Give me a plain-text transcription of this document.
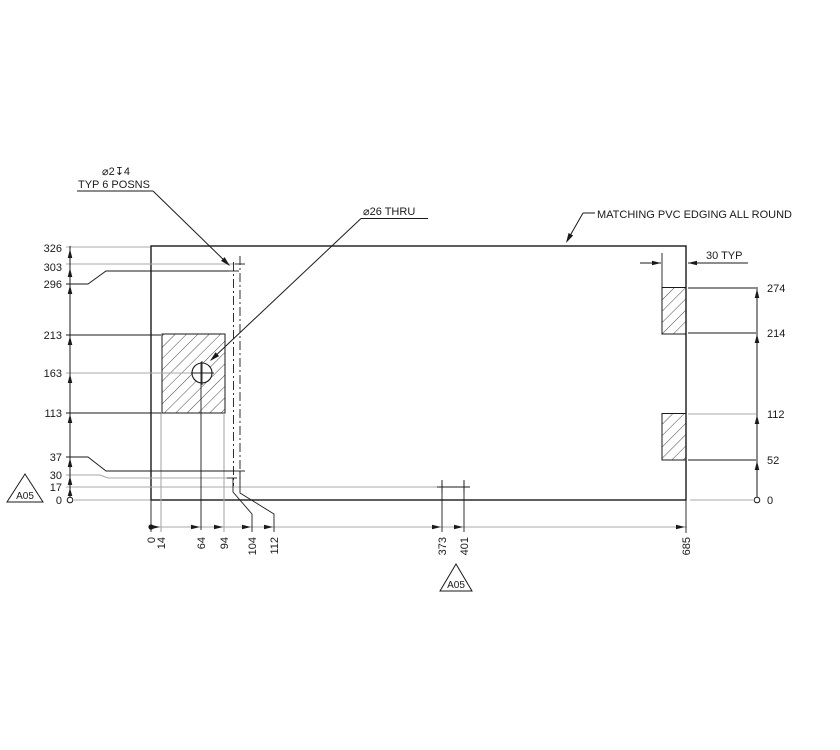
30 TYP
⌀2↧4
TYP 6 POSNS
⌀26 THRU	MATCHING PVC EDGING ALL ROUND
326
303
296
213
163
113
37
30
17
0
0
14	64 94 104 112	373 401	685
274
214
112
52
0
A05
A05
